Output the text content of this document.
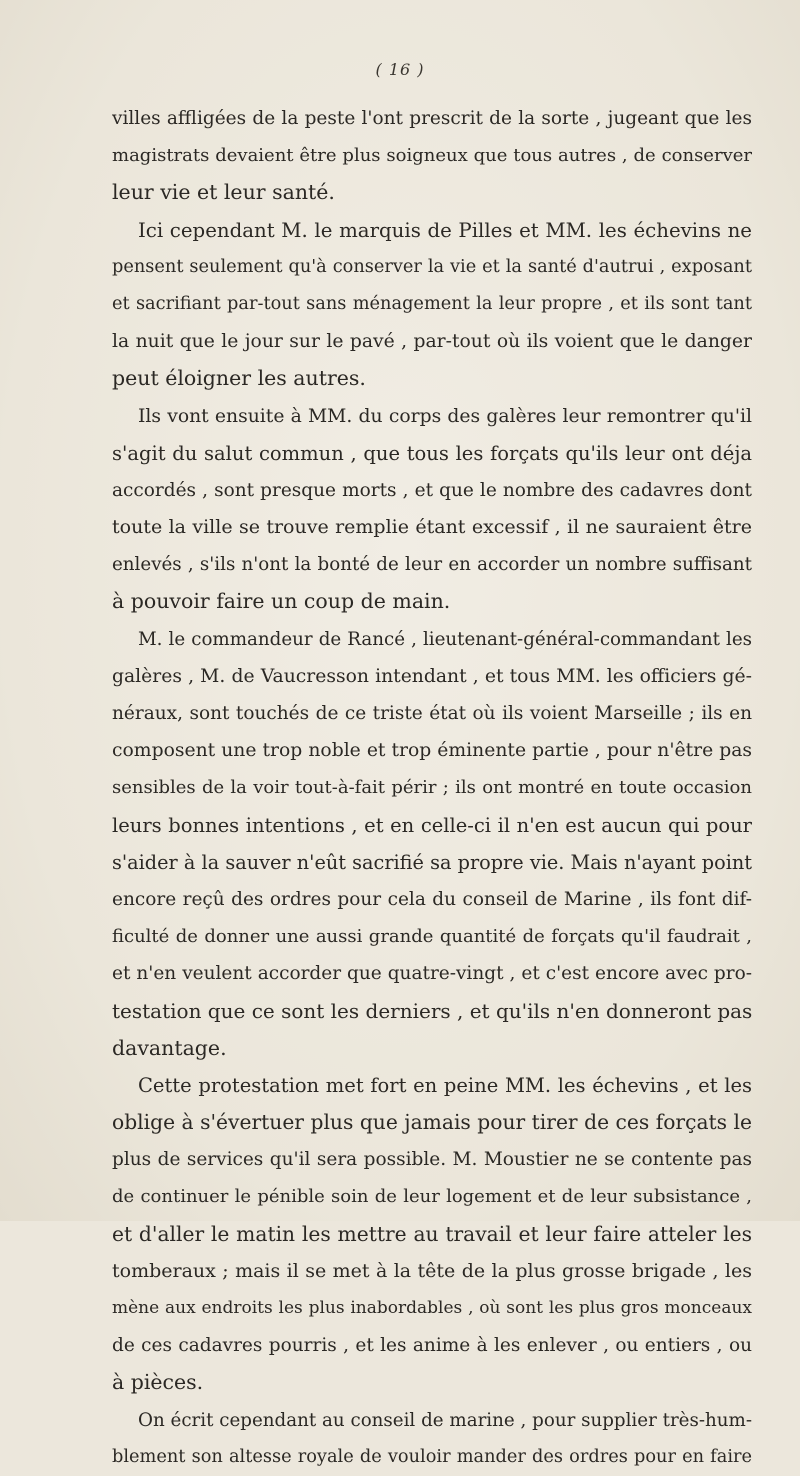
( 16 )
villes affligées de la peste l'ont prescrit de la sorte , jugeant que les
magistrats devaient être plus soigneux que tous autres , de conserver
leur vie et leur santé.
Ici cependant M. le marquis de Pilles et MM. les échevins ne
pensent seulement qu'à conserver la vie et la santé d'autrui , exposant
et sacrifiant par-tout sans ménagement la leur propre , et ils sont tant
la nuit que le jour sur le pavé , par-tout où ils voient que le danger
peut éloigner les autres.
Ils vont ensuite à MM. du corps des galères leur remontrer qu'il
s'agit du salut commun , que tous les forçats qu'ils leur ont déja
accordés , sont presque morts , et que le nombre des cadavres dont
toute la ville se trouve remplie étant excessif , il ne sauraient être
enlevés , s'ils n'ont la bonté de leur en accorder un nombre suffisant
à pouvoir faire un coup de main.
M. le commandeur de Rancé , lieutenant-général-commandant les
galères , M. de Vaucresson intendant , et tous MM. les officiers gé-
néraux, sont touchés de ce triste état où ils voient Marseille ; ils en
composent une trop noble et trop éminente partie , pour n'être pas
sensibles de la voir tout-à-fait périr ; ils ont montré en toute occasion
leurs bonnes intentions , et en celle-ci il n'en est aucun qui pour
s'aider à la sauver n'eût sacrifié sa propre vie. Mais n'ayant point
encore reçû des ordres pour cela du conseil de Marine , ils font dif-
ficulté de donner une aussi grande quantité de forçats qu'il faudrait ,
et n'en veulent accorder que quatre-vingt , et c'est encore avec pro-
testation que ce sont les derniers , et qu'ils n'en donneront pas
davantage.
Cette protestation met fort en peine MM. les échevins , et les
oblige à s'évertuer plus que jamais pour tirer de ces forçats le
plus de services qu'il sera possible. M. Moustier ne se contente pas
de continuer le pénible soin de leur logement et de leur subsistance ,
et d'aller le matin les mettre au travail et leur faire atteler les
tomberaux ; mais il se met à la tête de la plus grosse brigade , les
mène aux endroits les plus inabordables , où sont les plus gros monceaux
de ces cadavres pourris , et les anime à les enlever , ou entiers , ou
à pièces.
On écrit cependant au conseil de marine , pour supplier très-hum-
blement son altesse royale de vouloir mander des ordres pour en faire
